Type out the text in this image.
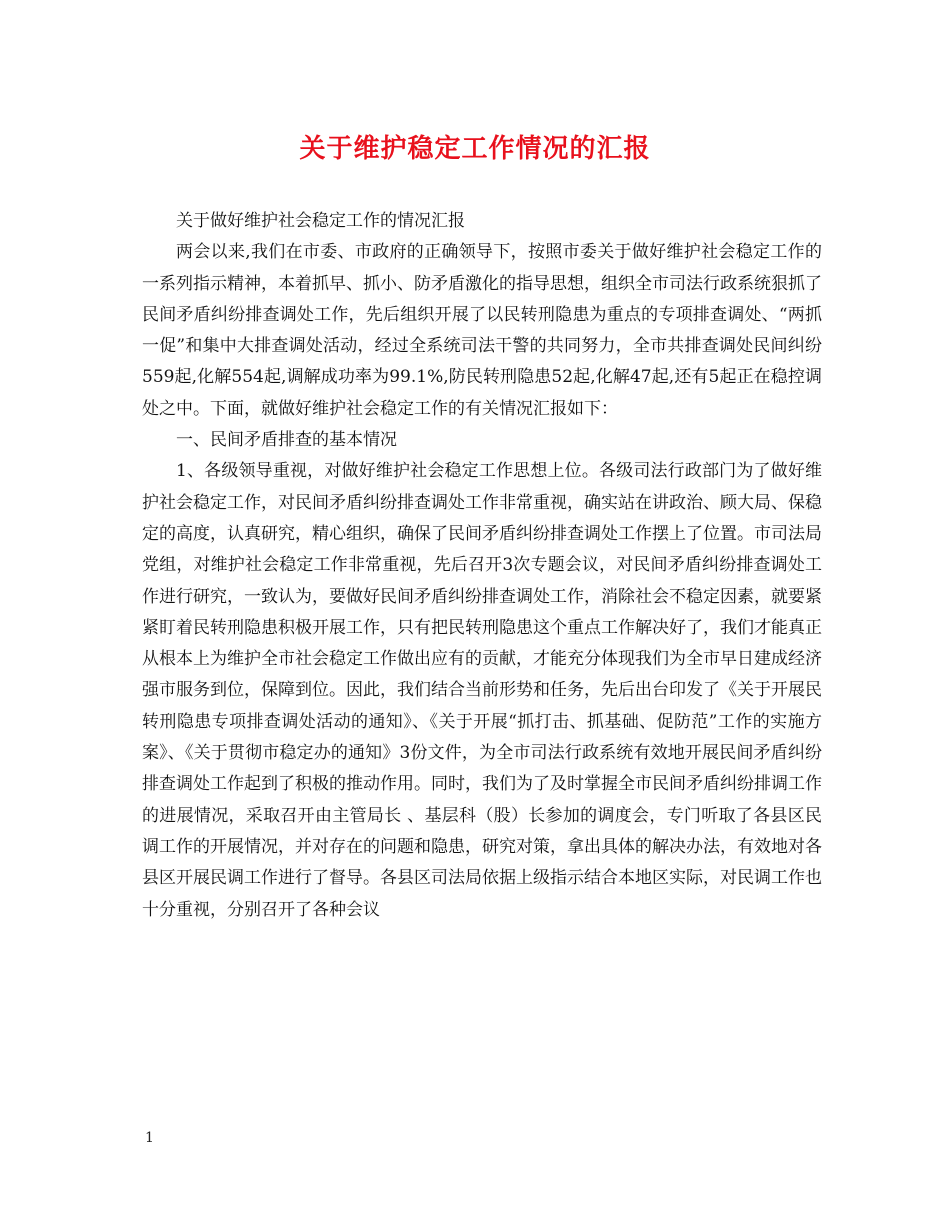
关于维护稳定工作情况的汇报

关于做好维护社会稳定工作的情况汇报

两会以来,我们在市委、市政府的正确领导下，按照市委关于做好维护社会稳定工作的一系列指示精神，本着抓早、抓小、防矛盾激化的指导思想，组织全市司法行政系统狠抓了民间矛盾纠纷排查调处工作，先后组织开展了以民转刑隐患为重点的专项排查调处、“两抓一促”和集中大排查调处活动，经过全系统司法干警的共同努力，全市共排查调处民间纠纷559起,化解554起,调解成功率为99.1%,防民转刑隐患52起,化解47起,还有5起正在稳控调处之中。下面，就做好维护社会稳定工作的有关情况汇报如下：

一、民间矛盾排查的基本情况

1、各级领导重视，对做好维护社会稳定工作思想上位。各级司法行政部门为了做好维护社会稳定工作，对民间矛盾纠纷排查调处工作非常重视，确实站在讲政治、顾大局、保稳定的高度，认真研究，精心组织，确保了民间矛盾纠纷排查调处工作摆上了位置。市司法局党组，对维护社会稳定工作非常重视，先后召开3次专题会议，对民间矛盾纠纷排查调处工作进行研究，一致认为，要做好民间矛盾纠纷排查调处工作，消除社会不稳定因素，就要紧紧盯着民转刑隐患积极开展工作，只有把民转刑隐患这个重点工作解决好了，我们才能真正从根本上为维护全市社会稳定工作做出应有的贡献，才能充分体现我们为全市早日建成经济强市服务到位，保障到位。因此，我们结合当前形势和任务，先后出台印发了《关于开展民转刑隐患专项排查调处活动的通知》、《关于开展“抓打击、抓基础、促防范”工作的实施方案》、《关于贯彻市稳定办的通知》3份文件，为全市司法行政系统有效地开展民间矛盾纠纷排查调处工作起到了积极的推动作用。同时，我们为了及时掌握全市民间矛盾纠纷排调工作的进展情况，采取召开由主管局长 、基层科（股）长参加的调度会，专门听取了各县区民调工作的开展情况，并对存在的问题和隐患，研究对策，拿出具体的解决办法，有效地对各县区开展民调工作进行了督导。各县区司法局依据上级指示结合本地区实际，对民调工作也十分重视，分别召开了各种会议

1
